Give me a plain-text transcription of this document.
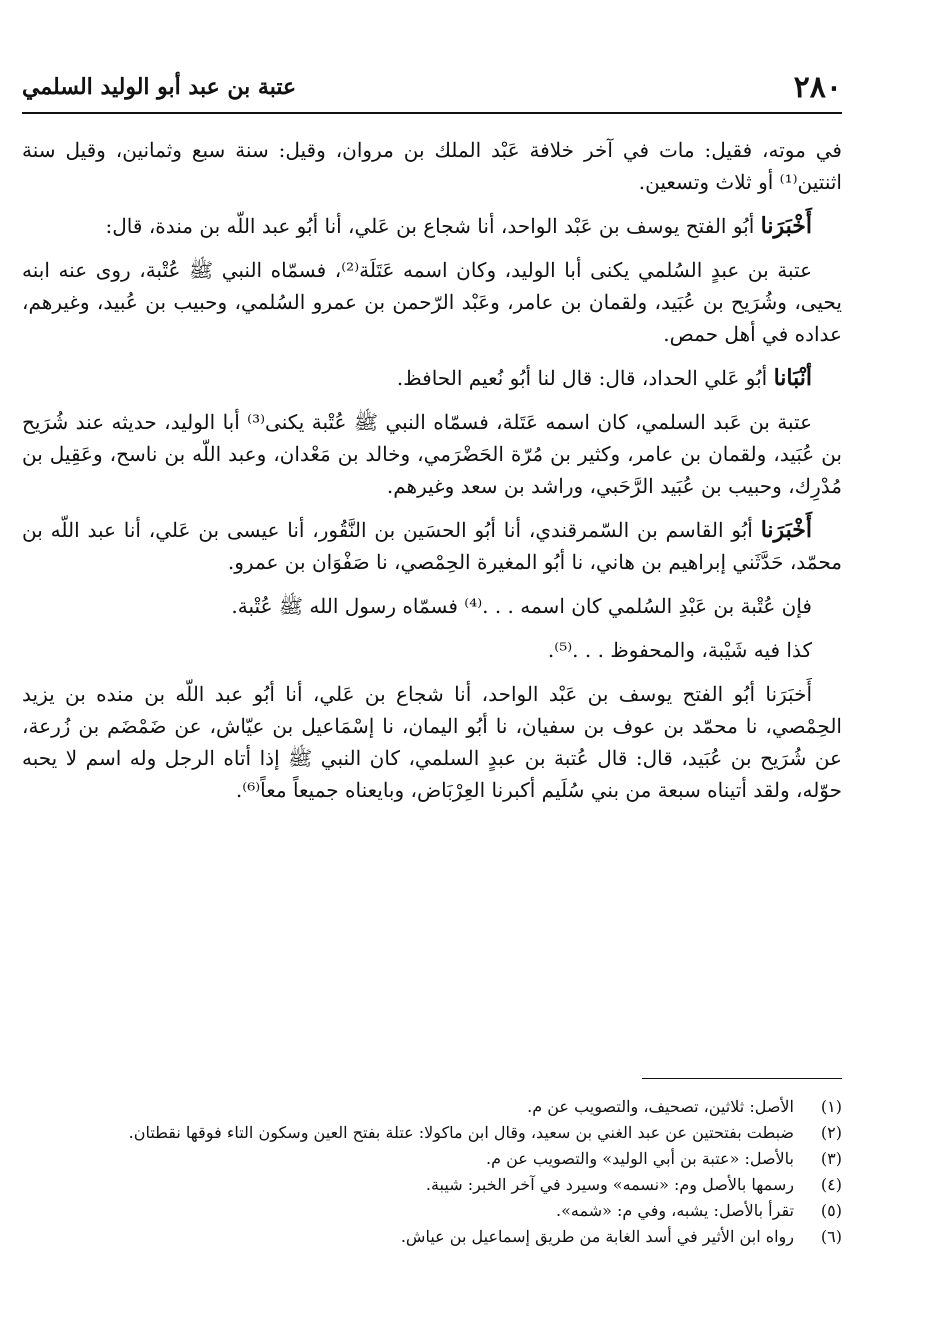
٢٨٠
عتبة بن عبد أبو الوليد السلمي

في موته، فقيل: مات في آخر خلافة عَبْد الملك بن مروان، وقيل: سنة سبع وثمانين، وقيل سنة اثنتين⁽¹⁾ أو ثلاث وتسعين.

أَخْبَرَنا أبُو الفتح يوسف بن عَبْد الواحد، أنا شجاع بن عَلي، أنا أبُو عبد اللّه بن مندة، قال:

عتبة بن عبدٍ السُلمي يكنى أبا الوليد، وكان اسمه عَتَلَة⁽²⁾، فسمّاه النبي ﷺ عُتْبة، روى عنه ابنه يحيى، وشُرَيح بن عُبَيد، ولقمان بن عامر، وعَبْد الرّحمن بن عمرو السُلمي، وحبيب بن عُبيد، وغيرهم، عداده في أهل حمص.

أنْبَانا أبُو عَلي الحداد، قال: قال لنا أبُو نُعيم الحافظ.

عتبة بن عَبد السلمي، كان اسمه عَتَلة، فسمّاه النبي ﷺ عُتْبة يكنى⁽³⁾ أبا الوليد، حديثه عند شُرَيح بن عُبَيد، ولقمان بن عامر، وكثير بن مُرّة الحَضْرَمي، وخالد بن مَعْدان، وعبد اللّه بن ناسح، وعَقِيل بن مُدْرِك، وحبيب بن عُبَيد الرَّحَبي، وراشد بن سعد وغيرهم.

أَخْبَرَنا أبُو القاسم بن السّمرقندي، أنا أبُو الحسَين بن النَّقُور، أنا عيسى بن عَلي، أنا عبد اللّه بن محمّد، حَدَّثَني إبراهيم بن هاني، نا أبُو المغيرة الحِمْصي، نا صَفْوَان بن عمرو.

فإن عُتْبة بن عَبْدِ السُلمي كان اسمه . . .⁽⁴⁾ فسمّاه رسول الله ﷺ عُتْبة.

كذا فيه شَيْبة، والمحفوظ . . .⁽⁵⁾.

أَخبَرَنا أبُو الفتح يوسف بن عَبْد الواحد، أنا شجاع بن عَلي، أنا أبُو عبد اللّه بن منده بن يزيد الحِمْصي، نا محمّد بن عوف بن سفيان، نا أبُو اليمان، نا إسْمَاعيل بن عيّاش، عن ضَمْضَم بن زُرعة، عن شُرَيح بن عُبَيد، قال: قال عُتبة بن عبدٍ السلمي، كان النبي ﷺ إذا أتاه الرجل وله اسم لا يحبه حوّله، ولقد أتيناه سبعة من بني سُلَيم أكبرنا العِرْبَاض، وبايعناه جميعاً معاً⁽⁶⁾.

(١)
الأصل: ثلاثين، تصحيف، والتصويب عن م.
(٢)
ضبطت بفتحتين عن عبد الغني بن سعيد، وقال ابن ماكولا: عتلة بفتح العين وسكون التاء فوقها نقطتان.
(٣)
بالأصل: «عتبة بن أبي الوليد» والتصويب عن م.
(٤)
رسمها بالأصل وم: «نسمه» وسيرد في آخر الخبر: شيبة.
(٥)
تقرأ بالأصل: يشبه، وفي م: «شمه».
(٦)
رواه ابن الأثير في أسد الغابة من طريق إسماعيل بن عياش.
